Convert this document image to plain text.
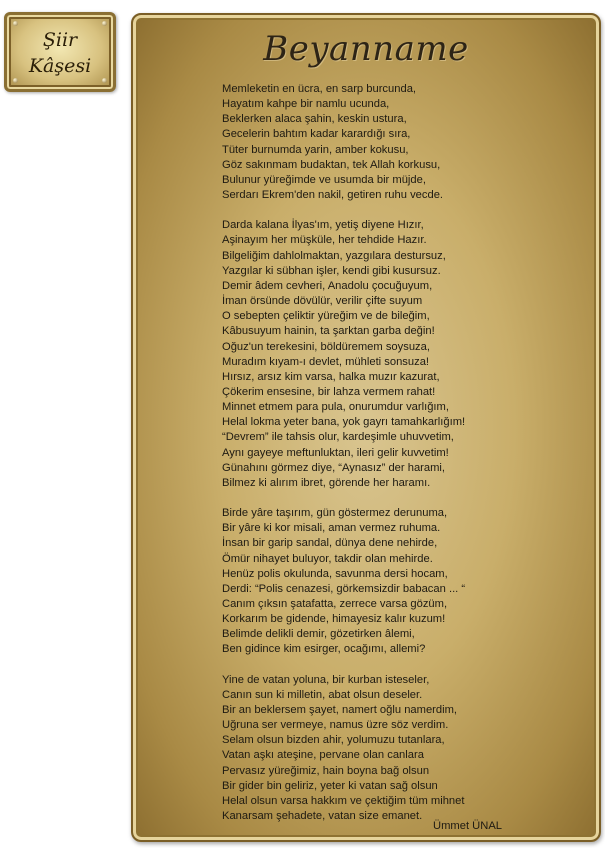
Şiir
Kâşesi	Beyanname
Memleketin en ücra, en sarp burcunda,
Hayatım kahpe bir namlu ucunda,
Beklerken alaca şahin, keskin ustura,
Gecelerin bahtım kadar karardığı sıra,
Tüter burnumda yarin, amber kokusu,
Göz sakınmam budaktan, tek Allah korkusu,
Bulunur yüreğimde ve usumda bir müjde,
Serdarı Ekrem'den nakil, getiren ruhu vecde.
Darda kalana İlyas'ım, yetiş diyene Hızır,
Aşinayım her müşküle, her tehdide Hazır.
Bilgeliğim dahlolmaktan, yazgılara destursuz,
Yazgılar ki sübhan işler, kendi gibi kusursuz.
Demir âdem cevheri, Anadolu çocuğuyum,
İman örsünde dövülür, verilir çifte suyum
O sebepten çeliktir yüreğim ve de bileğim,
Kâbusuyum hainin, ta şarktan garba değin!
Oğuz'un terekesini, böldüremem soysuza,
Muradım kıyam-ı devlet, mühleti sonsuza!
Hırsız, arsız kim varsa, halka muzır kazurat,
Çökerim ensesine, bir lahza vermem rahat!
Minnet etmem para pula, onurumdur varlığım,
Helal lokma yeter bana, yok gayrı tamahkarlığım!
“Devrem” ile tahsis olur, kardeşimle uhuvvetim,
Aynı gayeye meftunluktan, ileri gelir kuvvetim!
Günahını görmez diye, “Aynasız” der harami,
Bilmez ki alırım ibret, görende her haramı.
Birde yâre taşırım, gün göstermez derunuma,
Bir yâre ki kor misali, aman vermez ruhuma.
İnsan bir garip sandal, dünya dene nehirde,
Ömür nihayet buluyor, takdir olan mehirde.
Henüz polis okulunda, savunma dersi hocam,
Derdi: “Polis cenazesi, görkemsizdir babacan ... “
Canım çıksın şatafatta, zerrece varsa gözüm,
Korkarım be gidende, himayesiz kalır kuzum!
Belimde delikli demir, gözetirken âlemi,
Ben gidince kim esirger, ocağımı, allemi?
Yine de vatan yoluna, bir kurban isteseler,
Canın sun ki milletin, abat olsun deseler.
Bir an beklersem şayet, namert oğlu namerdim,
Uğruna ser vermeye, namus üzre söz verdim.
Selam olsun bizden ahir, yolumuzu tutanlara,
Vatan aşkı ateşine, pervane olan canlara
Pervasız yüreğimiz, hain boyna bağ olsun
Bir gider bin geliriz, yeter ki vatan sağ olsun
Helal olsun varsa hakkım ve çektiğim tüm mihnet
Kanarsam şehadete, vatan size emanet.
Ümmet ÜNAL
